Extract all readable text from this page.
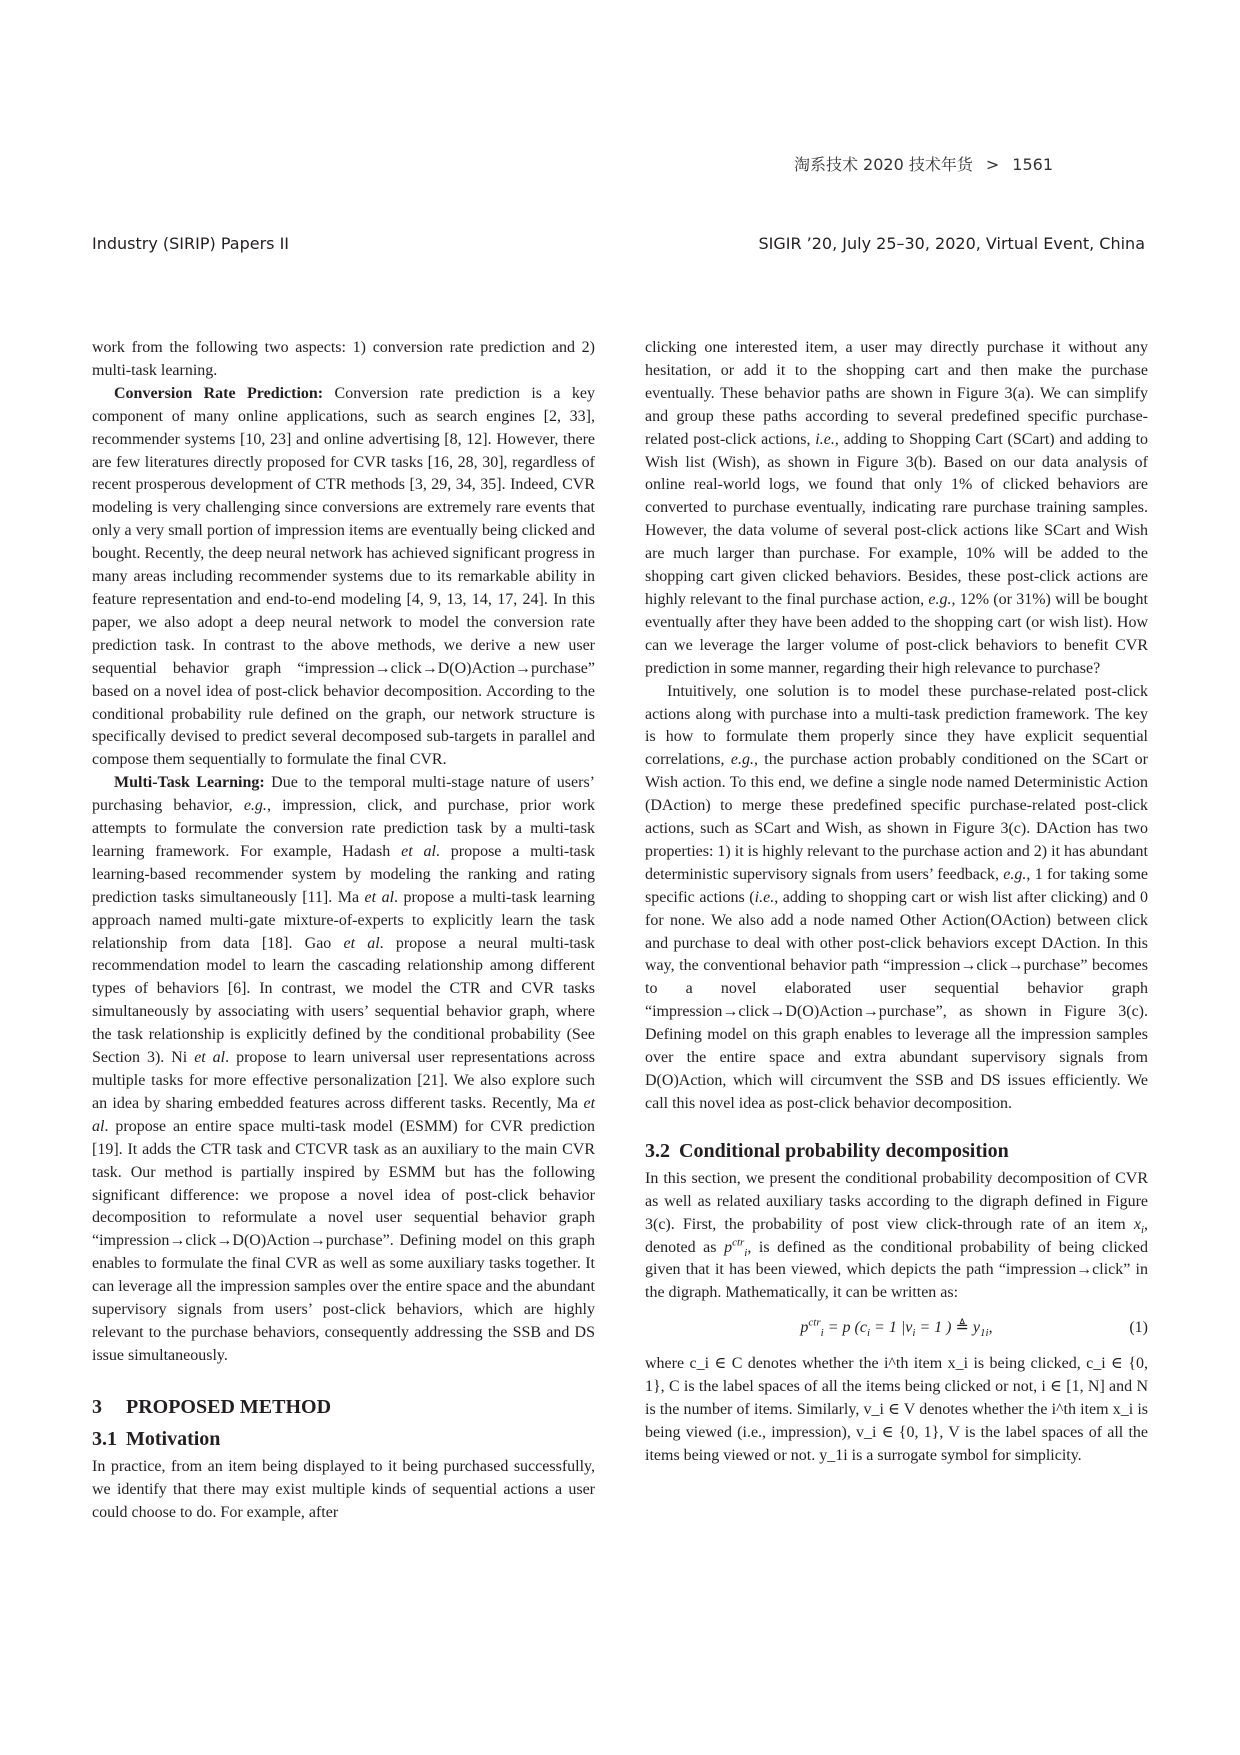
淘系技术 2020 技术年货 > 1561
Industry (SIRIP) Papers II	SIGIR ’20, July 25–30, 2020, Virtual Event, China

work from the following two aspects: 1) conversion rate prediction and 2) multi-task learning.

Conversion Rate Prediction: Conversion rate prediction is a key component of many online applications, such as search engines [2, 33], recommender systems [10, 23] and online advertising [8, 12]. However, there are few literatures directly proposed for CVR tasks [16, 28, 30], regardless of recent prosperous development of CTR methods [3, 29, 34, 35]. Indeed, CVR modeling is very challenging since conversions are extremely rare events that only a very small portion of impression items are eventually being clicked and bought. Recently, the deep neural network has achieved significant progress in many areas including recommender systems due to its remarkable ability in feature representation and end-to-end modeling [4, 9, 13, 14, 17, 24]. In this paper, we also adopt a deep neural network to model the conversion rate prediction task. In contrast to the above methods, we derive a new user sequential behavior graph “impression→click→D(O)Action→purchase” based on a novel idea of post-click behavior decomposition. According to the conditional probability rule defined on the graph, our network structure is specifically devised to predict several decomposed sub-targets in parallel and compose them sequentially to formulate the final CVR.

Multi-Task Learning: Due to the temporal multi-stage nature of users’ purchasing behavior, e.g., impression, click, and purchase, prior work attempts to formulate the conversion rate prediction task by a multi-task learning framework. For example, Hadash et al. propose a multi-task learning-based recommender system by modeling the ranking and rating prediction tasks simultaneously [11]. Ma et al. propose a multi-task learning approach named multi-gate mixture-of-experts to explicitly learn the task relationship from data [18]. Gao et al. propose a neural multi-task recommendation model to learn the cascading relationship among different types of behaviors [6]. In contrast, we model the CTR and CVR tasks simultaneously by associating with users’ sequential behavior graph, where the task relationship is explicitly defined by the conditional probability (See Section 3). Ni et al. propose to learn universal user representations across multiple tasks for more effective personalization [21]. We also explore such an idea by sharing embedded features across different tasks. Recently, Ma et al. propose an entire space multi-task model (ESMM) for CVR prediction [19]. It adds the CTR task and CTCVR task as an auxiliary to the main CVR task. Our method is partially inspired by ESMM but has the following significant difference: we propose a novel idea of post-click behavior decomposition to reformulate a novel user sequential behavior graph “impression→click→D(O)Action→purchase”. Defining model on this graph enables to formulate the final CVR as well as some auxiliary tasks together. It can leverage all the impression samples over the entire space and the abundant supervisory signals from users’ post-click behaviors, which are highly relevant to the purchase behaviors, consequently addressing the SSB and DS issue simultaneously.

3 PROPOSED METHOD
3.1 Motivation

In practice, from an item being displayed to it being purchased successfully, we identify that there may exist multiple kinds of sequential actions a user could choose to do. For example, after

clicking one interested item, a user may directly purchase it without any hesitation, or add it to the shopping cart and then make the purchase eventually. These behavior paths are shown in Figure 3(a). We can simplify and group these paths according to several predefined specific purchase-related post-click actions, i.e., adding to Shopping Cart (SCart) and adding to Wish list (Wish), as shown in Figure 3(b). Based on our data analysis of online real-world logs, we found that only 1% of clicked behaviors are converted to purchase eventually, indicating rare purchase training samples. However, the data volume of several post-click actions like SCart and Wish are much larger than purchase. For example, 10% will be added to the shopping cart given clicked behaviors. Besides, these post-click actions are highly relevant to the final purchase action, e.g., 12% (or 31%) will be bought eventually after they have been added to the shopping cart (or wish list). How can we leverage the larger volume of post-click behaviors to benefit CVR prediction in some manner, regarding their high relevance to purchase?

Intuitively, one solution is to model these purchase-related post-click actions along with purchase into a multi-task prediction framework. The key is how to formulate them properly since they have explicit sequential correlations, e.g., the purchase action probably conditioned on the SCart or Wish action. To this end, we define a single node named Deterministic Action (DAction) to merge these predefined specific purchase-related post-click actions, such as SCart and Wish, as shown in Figure 3(c). DAction has two properties: 1) it is highly relevant to the purchase action and 2) it has abundant deterministic supervisory signals from users’ feedback, e.g., 1 for taking some specific actions (i.e., adding to shopping cart or wish list after clicking) and 0 for none. We also add a node named Other Action(OAction) between click and purchase to deal with other post-click behaviors except DAction. In this way, the conventional behavior path “impression→click→purchase” becomes to a novel elaborated user sequential behavior graph “impression→click→D(O)Action→purchase”, as shown in Figure 3(c). Defining model on this graph enables to leverage all the impression samples over the entire space and extra abundant supervisory signals from D(O)Action, which will circumvent the SSB and DS issues efficiently. We call this novel idea as post-click behavior decomposition.

3.2 Conditional probability decomposition

In this section, we present the conditional probability decomposition of CVR as well as related auxiliary tasks according to the digraph defined in Figure 3(c). First, the probability of post view click-through rate of an item $x_i$, denoted as $p^{ctr}_i$, is defined as the conditional probability of being clicked given that it has been viewed, which depicts the path “impression→click” in the digraph. Mathematically, it can be written as:

$p^{ctr}_i = p$ ($c_i = 1$ $|v_i = 1$ ) ≜ $y_{1i}$,	(1)

where c_i ∈ C denotes whether the i^th item x_i is being clicked, c_i ∈ {0, 1}, C is the label spaces of all the items being clicked or not, i ∈ [1, N] and N is the number of items. Similarly, v_i ∈ V denotes whether the i^th item x_i is being viewed (i.e., impression), v_i ∈ {0, 1}, V is the label spaces of all the items being viewed or not. y_1i is a surrogate symbol for simplicity.
